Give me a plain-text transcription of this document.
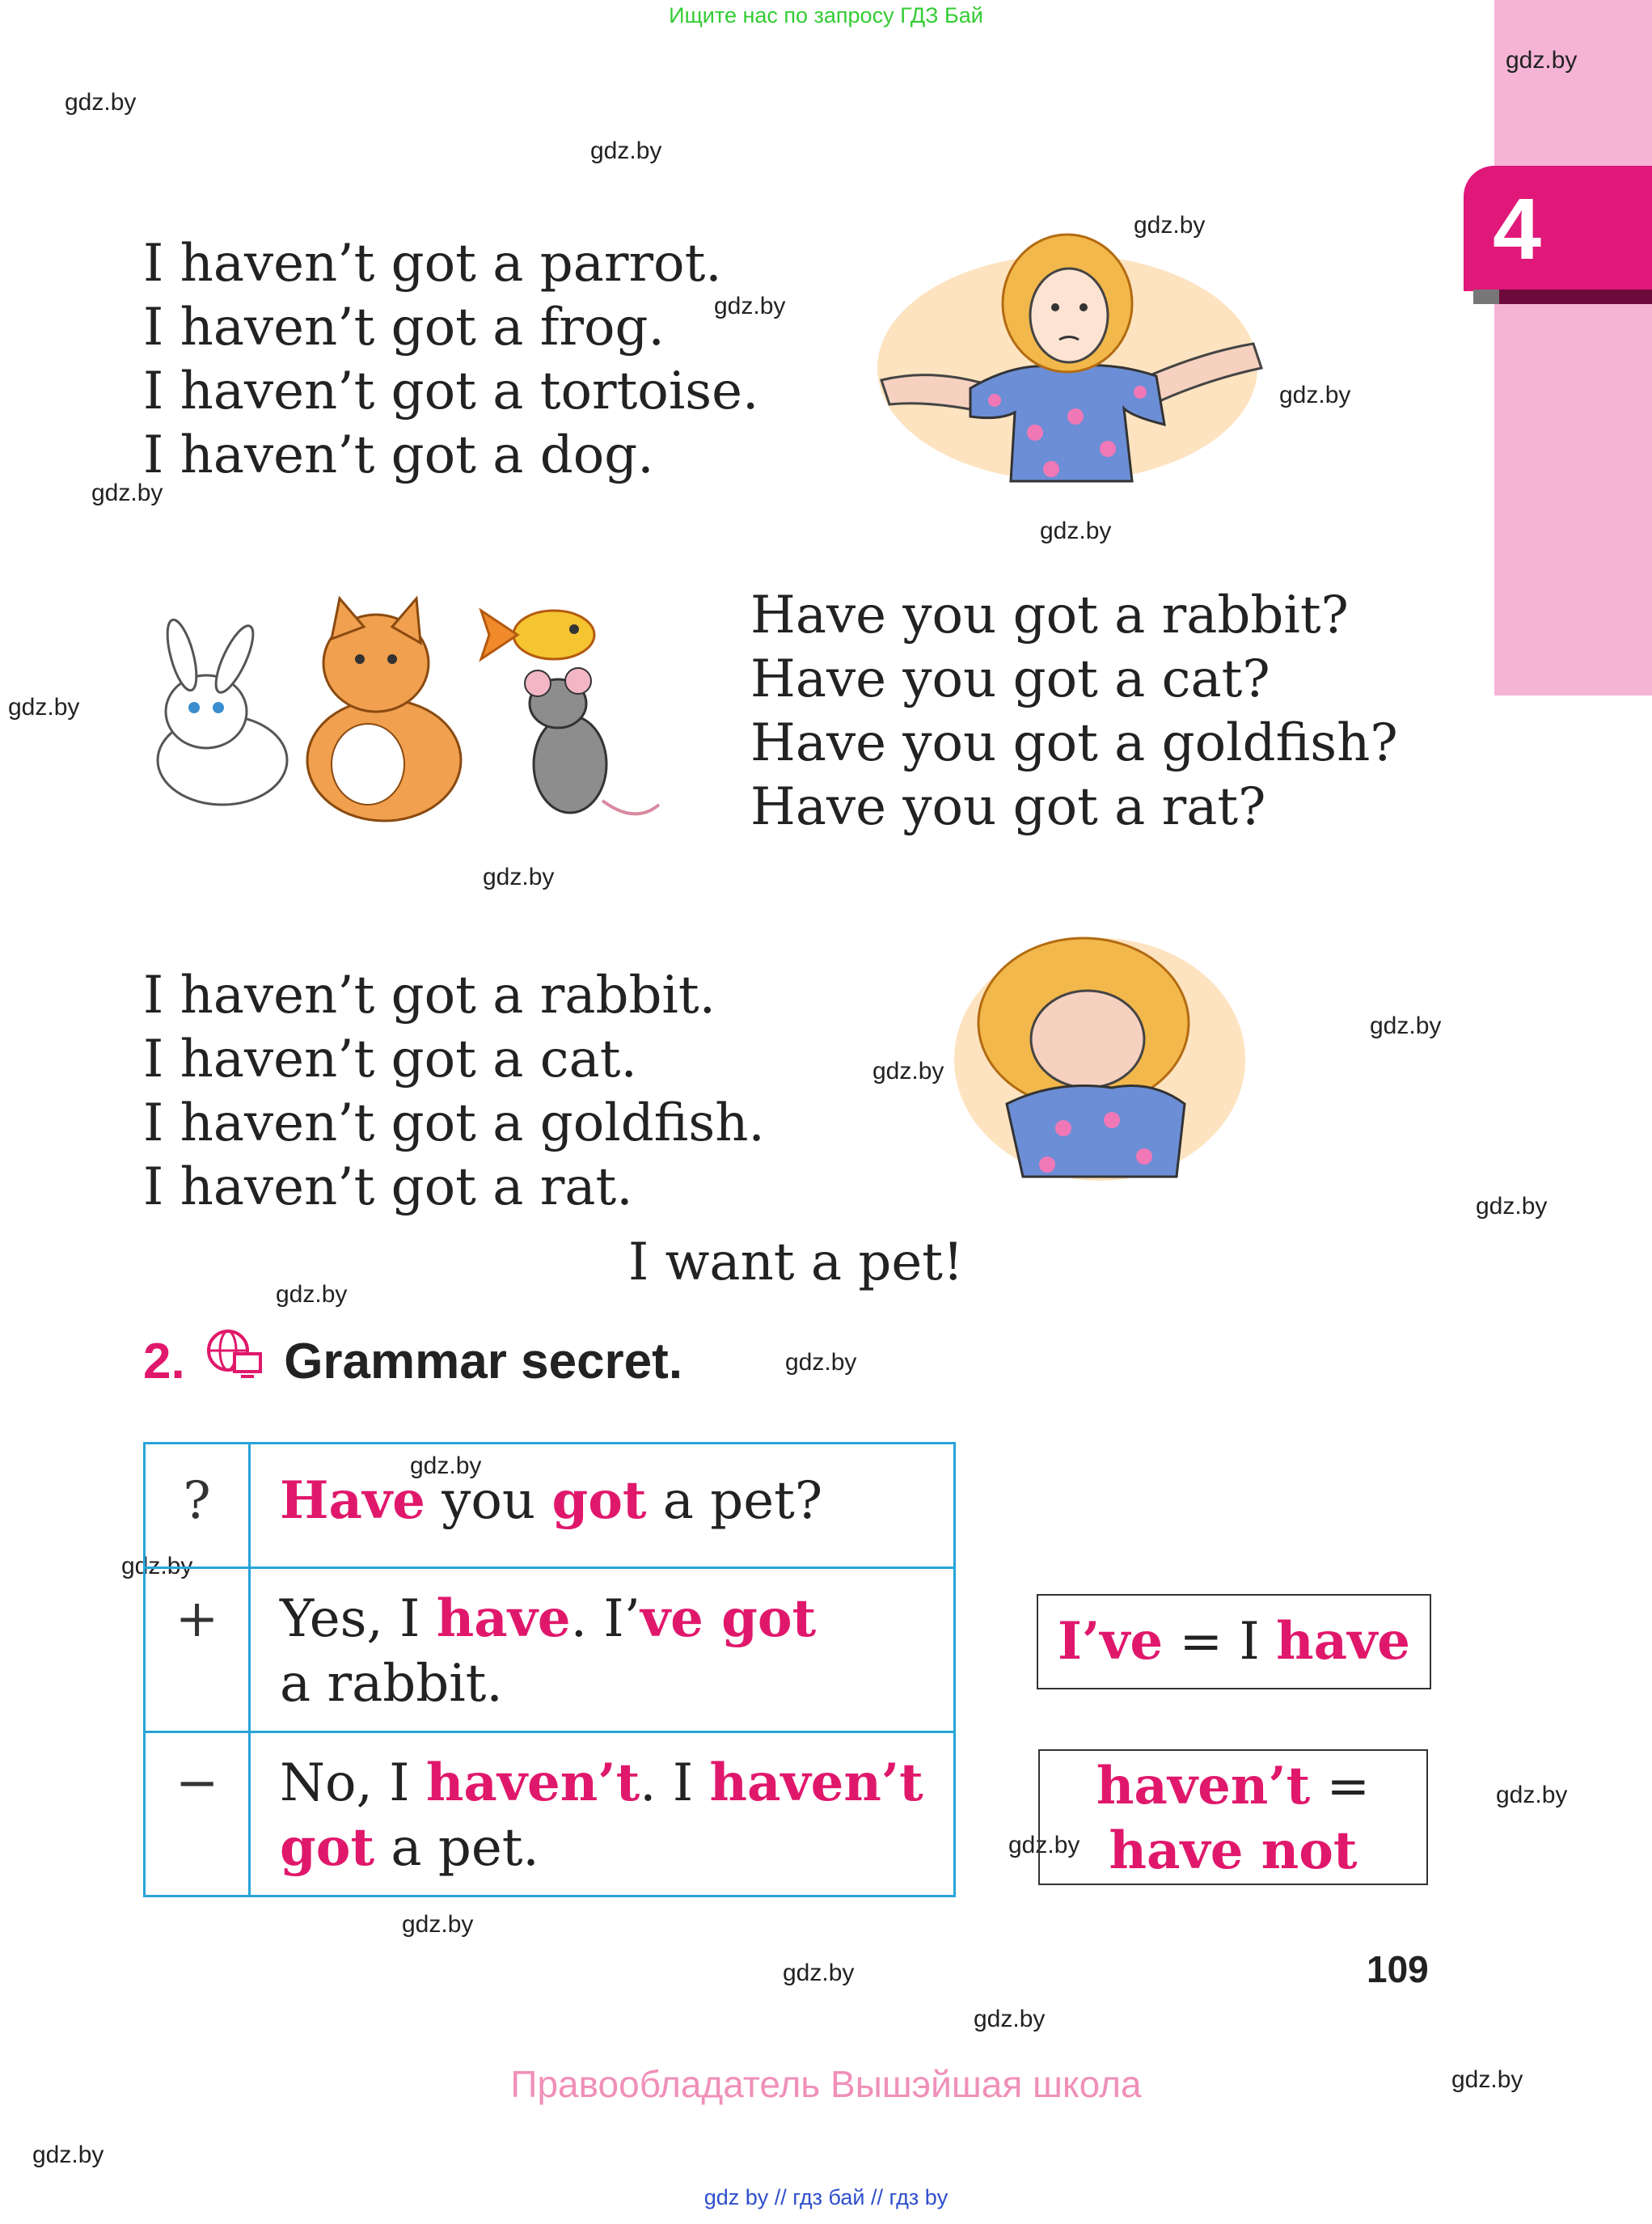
Ищите нас по запросу ГДЗ Бай
4
gdz.by
gdz.by
gdz.by
gdz.by
gdz.by
gdz.by
gdz.by
gdz.by
gdz.by
gdz.by
gdz.by
gdz.by
gdz.by
gdz.by
gdz.by
gdz.by
gdz.by
gdz.by
gdz.by
gdz.by
gdz.by
gdz.by
gdz.by
gdz.by
I haven’t got a parrot.
I haven’t got a frog.
I haven’t got a tortoise.
I haven’t got a dog.
Have you got a rabbit?
Have you got a cat?
Have you got a goldfish?
Have you got a rat?
I haven’t got a rabbit.
I haven’t got a cat.
I haven’t got a goldfish.
I haven’t got a rat.
I want a pet!
2. Grammar secret.
?	Have you got a pet?
+	Yes, I have. I’ve got
a rabbit.
−	No, I haven’t. I haven’t
got a pet.
I’ve = I have
haven’t =
have not
109
Правообладатель Вышэйшая школа
gdz by // гдз бай // гдз by
